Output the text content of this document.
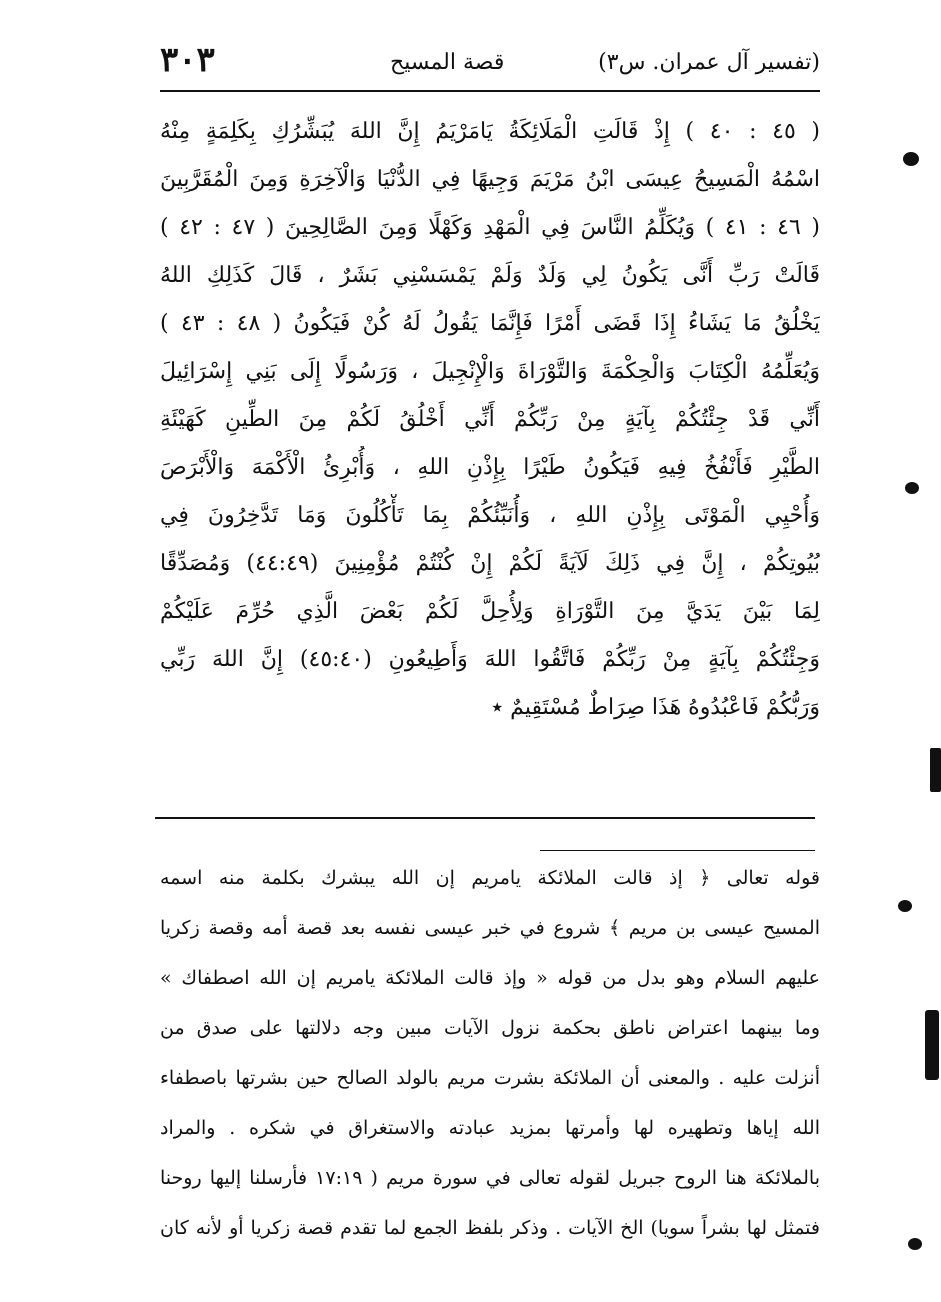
٣٠٣	قصة المسيح	(تفسير آل عمران. س٣)
( ٤٥ : ٤٠ ) إِذْ قَالَتِ الْمَلَائِكَةُ يَامَرْيَمُ إِنَّ اللهَ يُبَشِّرُكِ بِكَلِمَةٍ مِنْهُ
اسْمُهُ الْمَسِيحُ عِيسَى ابْنُ مَرْيَمَ وَجِيهًا فِي الدُّنْيَا وَالْآخِرَةِ وَمِنَ الْمُقَرَّبِينَ
( ٤٦ : ٤١ ) وَيُكَلِّمُ النَّاسَ فِي الْمَهْدِ وَكَهْلًا وَمِنَ الصَّالِحِينَ ( ٤٧ : ٤٢ )
قَالَتْ رَبِّ أَنَّى يَكُونُ لِي وَلَدٌ وَلَمْ يَمْسَسْنِي بَشَرٌ ، قَالَ كَذَلِكِ اللهُ
يَخْلُقُ مَا يَشَاءُ إِذَا قَضَى أَمْرًا فَإِنَّمَا يَقُولُ لَهُ كُنْ فَيَكُونُ ( ٤٨ : ٤٣ )
وَيُعَلِّمُهُ الْكِتَابَ وَالْحِكْمَةَ وَالتَّوْرَاةَ وَالْإِنْجِيلَ ، وَرَسُولًا إِلَى بَنِي إِسْرَائِيلَ
أَنِّي قَدْ جِئْتُكُمْ بِآيَةٍ مِنْ رَبِّكُمْ أَنِّي أَخْلُقُ لَكُمْ مِنَ الطِّينِ كَهَيْئَةِ
الطَّيْرِ فَأَنْفُخُ فِيهِ فَيَكُونُ طَيْرًا بِإِذْنِ اللهِ ، وَأُبْرِئُ الْأَكْمَهَ وَالْأَبْرَصَ
وَأُحْيِي الْمَوْتَى بِإِذْنِ اللهِ ، وَأُنَبِّئُكُمْ بِمَا تَأْكُلُونَ وَمَا تَدَّخِرُونَ فِي
بُيُوتِكُمْ ، إِنَّ فِي ذَلِكَ لَآيَةً لَكُمْ إِنْ كُنْتُمْ مُؤْمِنِينَ (٤٤:٤٩) وَمُصَدِّقًا
لِمَا بَيْنَ يَدَيَّ مِنَ التَّوْرَاةِ وَلِأُحِلَّ لَكُمْ بَعْضَ الَّذِي حُرِّمَ عَلَيْكُمْ
وَجِئْتُكُمْ بِآيَةٍ مِنْ رَبِّكُمْ فَاتَّقُوا اللهَ وَأَطِيعُونِ (٤٥:٤٠) إِنَّ اللهَ رَبِّي
وَرَبُّكُمْ فَاعْبُدُوهُ هَذَا صِرَاطٌ مُسْتَقِيمٌ ٭
قوله تعالى ﴿ إذ قالت الملائكة يامريم إن الله يبشرك بكلمة منه اسمه
المسيح عيسى بن مريم ﴾ شروع في خبر عيسى نفسه بعد قصة أمه وقصة زكريا
عليهم السلام وهو بدل من قوله « وإذ قالت الملائكة يامريم إن الله اصطفاك »
وما بينهما اعتراض ناطق بحكمة نزول الآيات مبين وجه دلالتها على صدق من
أنزلت عليه . والمعنى أن الملائكة بشرت مريم بالولد الصالح حين بشرتها باصطفاء
الله إياها وتطهيره لها وأمرتها بمزيد عبادته والاستغراق في شكره . والمراد
بالملائكة هنا الروح جبريل لقوله تعالى في سورة مريم ( ١٧:١٩ فأرسلنا إليها روحنا
فتمثل لها بشراً سويا) الخ الآيات . وذكر بلفظ الجمع لما تقدم قصة زكريا أو لأنه كان
